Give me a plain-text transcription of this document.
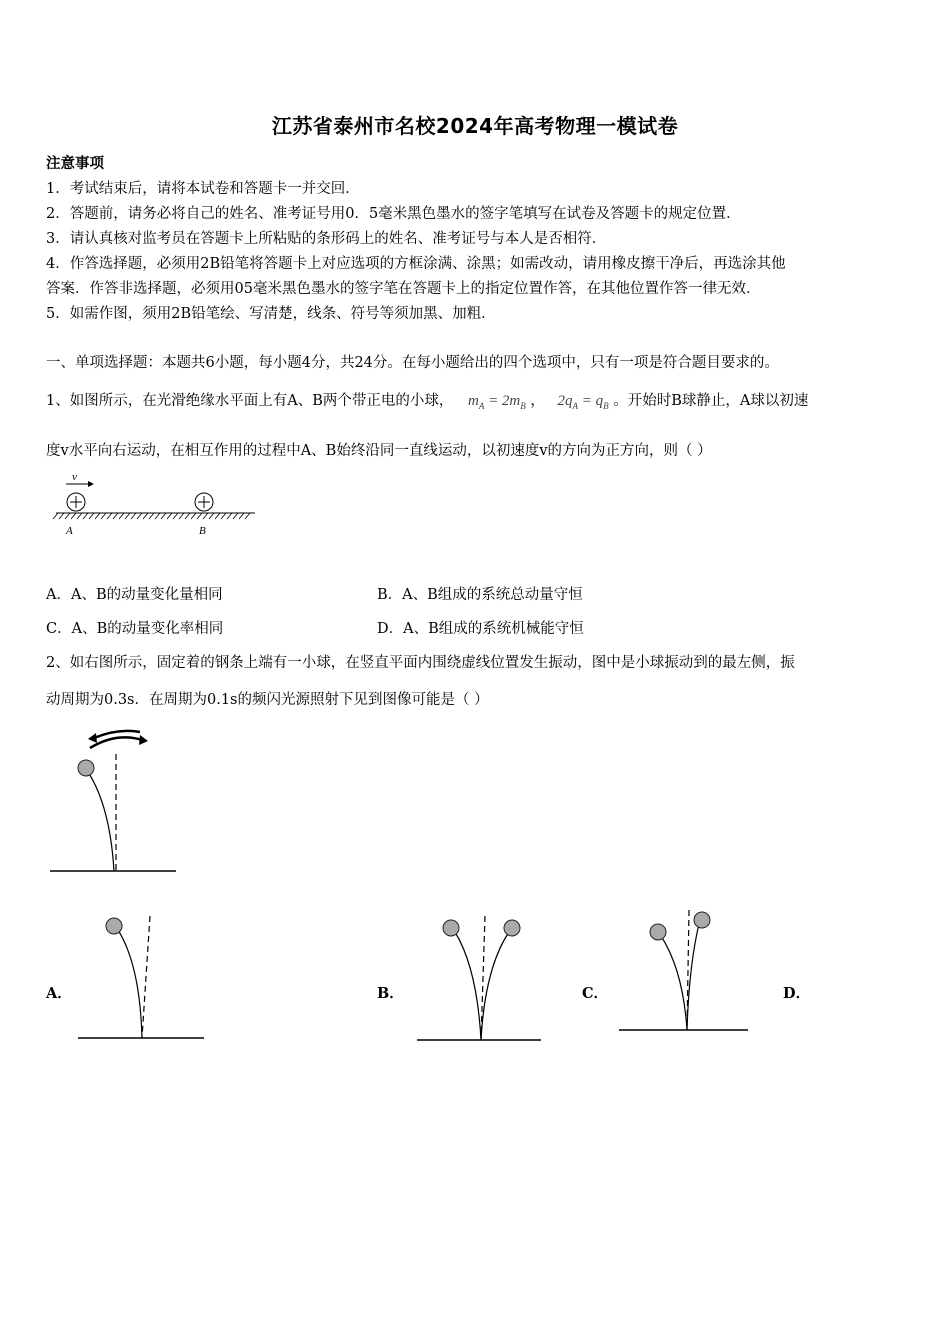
江苏省泰州市名校2024年高考物理一模试卷
注意事项
1．考试结束后，请将本试卷和答题卡一并交回．
2．答题前，请务必将自己的姓名、准考证号用0．5毫米黑色墨水的签字笔填写在试卷及答题卡的规定位置．
3．请认真核对监考员在答题卡上所粘贴的条形码上的姓名、准考证号与本人是否相符．
4．作答选择题，必须用2B铅笔将答题卡上对应选项的方框涂满、涂黑；如需改动，请用橡皮擦干净后，再选涂其他
答案．作答非选择题，必须用05毫米黑色墨水的签字笔在答题卡上的指定位置作答，在其他位置作答一律无效．
5．如需作图，须用2B铅笔绘、写清楚，线条、符号等须加黑、加粗．
一、单项选择题：本题共6小题，每小题4分，共24分。在每小题给出的四个选项中，只有一项是符合题目要求的。
1、如图所示，在光滑绝缘水平面上有A、B两个带正电的小球， $m_A = 2m_B$ ， $2q_A = q_B$ 。开始时B球静止，A球以初速
度v水平向右运动，在相互作用的过程中A、B始终沿同一直线运动，以初速度v的方向为正方向，则（ ）
v
A	B
A．A、B的动量变化量相同	B．A、B组成的系统总动量守恒
C．A、B的动量变化率相同	D．A、B组成的系统机械能守恒
2、如右图所示，固定着的钢条上端有一小球，在竖直平面内围绕虚线位置发生振动，图中是小球振动到的最左侧，振
动周期为0.3s．在周期为0.1s的频闪光源照射下见到图像可能是（ ）
A．	B．	C．	D．
